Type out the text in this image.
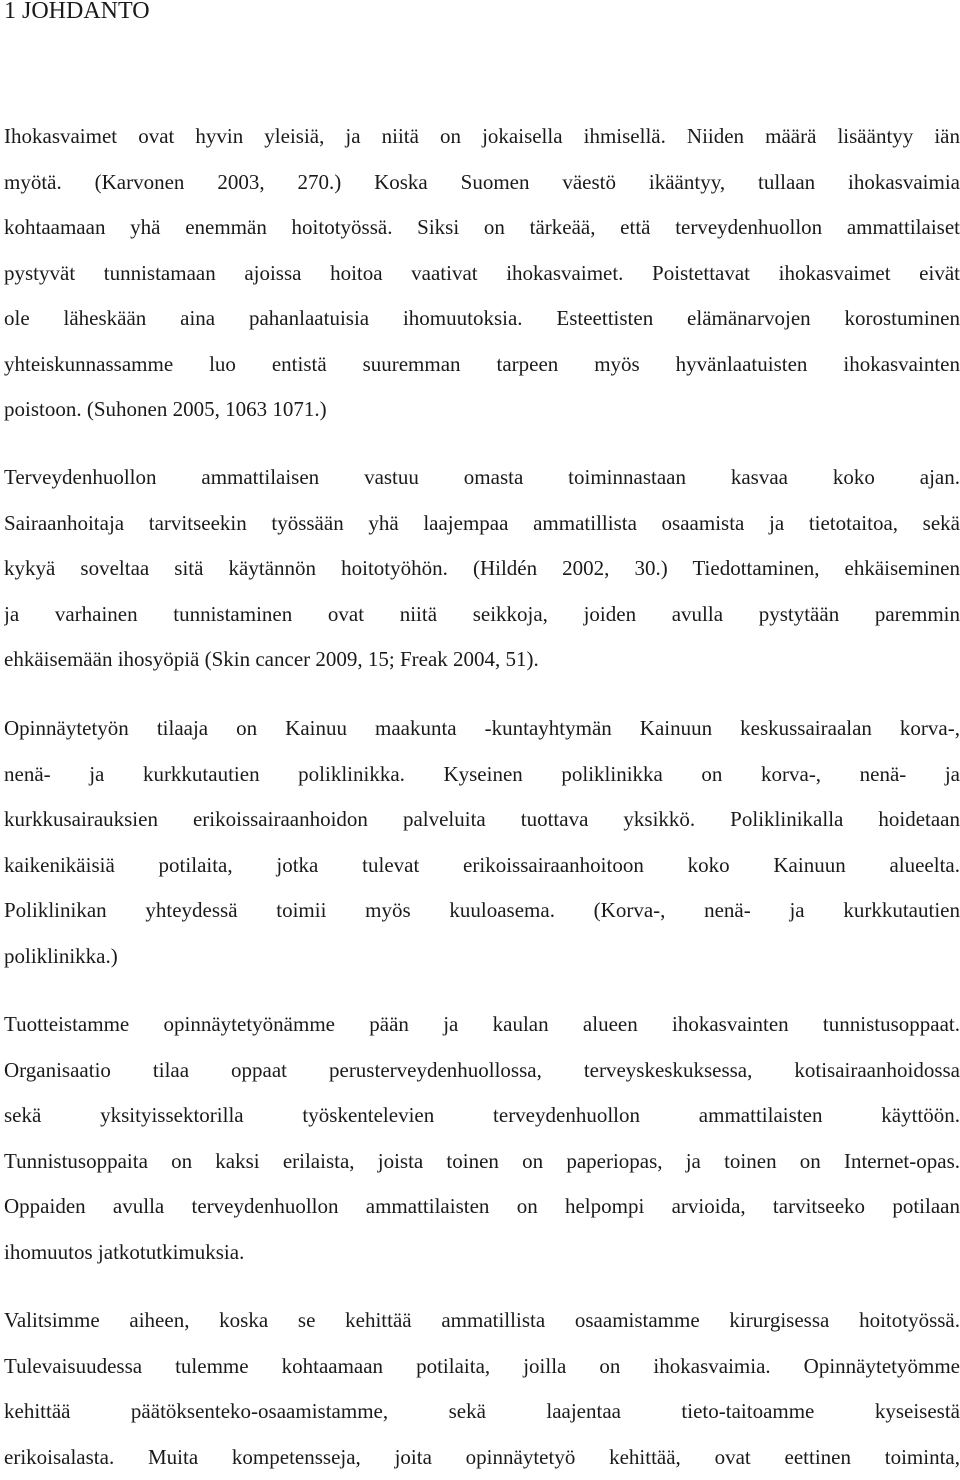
1 JOHDANTO
Ihokasvaimet ovat hyvin yleisiä, ja niitä on jokaisella ihmisellä. Niiden määrä lisääntyy iän
myötä. (Karvonen 2003, 270.) Koska Suomen väestö ikääntyy, tullaan ihokasvaimia
kohtaamaan yhä enemmän hoitotyössä. Siksi on tärkeää, että terveydenhuollon ammattilaiset
pystyvät tunnistamaan ajoissa hoitoa vaativat ihokasvaimet. Poistettavat ihokasvaimet eivät
ole läheskään aina pahanlaatuisia ihomuutoksia. Esteettisten elämänarvojen korostuminen
yhteiskunnassamme luo entistä suuremman tarpeen myös hyvänlaatuisten ihokasvainten
poistoon. (Suhonen 2005, 1063 1071.)
Terveydenhuollon ammattilaisen vastuu omasta toiminnastaan kasvaa koko ajan.
Sairaanhoitaja tarvitseekin työssään yhä laajempaa ammatillista osaamista ja tietotaitoa, sekä
kykyä soveltaa sitä käytännön hoitotyöhön. (Hildén 2002, 30.) Tiedottaminen, ehkäiseminen
ja varhainen tunnistaminen ovat niitä seikkoja, joiden avulla pystytään paremmin
ehkäisemään ihosyöpiä (Skin cancer 2009, 15; Freak 2004, 51).
Opinnäytetyön tilaaja on Kainuu maakunta -kuntayhtymän Kainuun keskussairaalan korva-,
nenä- ja kurkkutautien poliklinikka. Kyseinen poliklinikka on korva-, nenä- ja
kurkkusairauksien erikoissairaanhoidon palveluita tuottava yksikkö. Poliklinikalla hoidetaan
kaikenikäisiä potilaita, jotka tulevat erikoissairaanhoitoon koko Kainuun alueelta.
Poliklinikan yhteydessä toimii myös kuuloasema. (Korva-, nenä- ja kurkkutautien
poliklinikka.)
Tuotteistamme opinnäytetyönämme pään ja kaulan alueen ihokasvainten tunnistusoppaat.
Organisaatio tilaa oppaat perusterveydenhuollossa, terveyskeskuksessa, kotisairaanhoidossa
sekä yksityissektorilla työskentelevien terveydenhuollon ammattilaisten käyttöön.
Tunnistusoppaita on kaksi erilaista, joista toinen on paperiopas, ja toinen on Internet-opas.
Oppaiden avulla terveydenhuollon ammattilaisten on helpompi arvioida, tarvitseeko potilaan
ihomuutos jatkotutkimuksia.
Valitsimme aiheen, koska se kehittää ammatillista osaamistamme kirurgisessa hoitotyössä.
Tulevaisuudessa tulemme kohtaamaan potilaita, joilla on ihokasvaimia. Opinnäytetyömme
kehittää päätöksenteko-osaamistamme, sekä laajentaa tieto-taitoamme kyseisestä
erikoisalasta. Muita kompetensseja, joita opinnäytetyö kehittää, ovat eettinen toiminta,
